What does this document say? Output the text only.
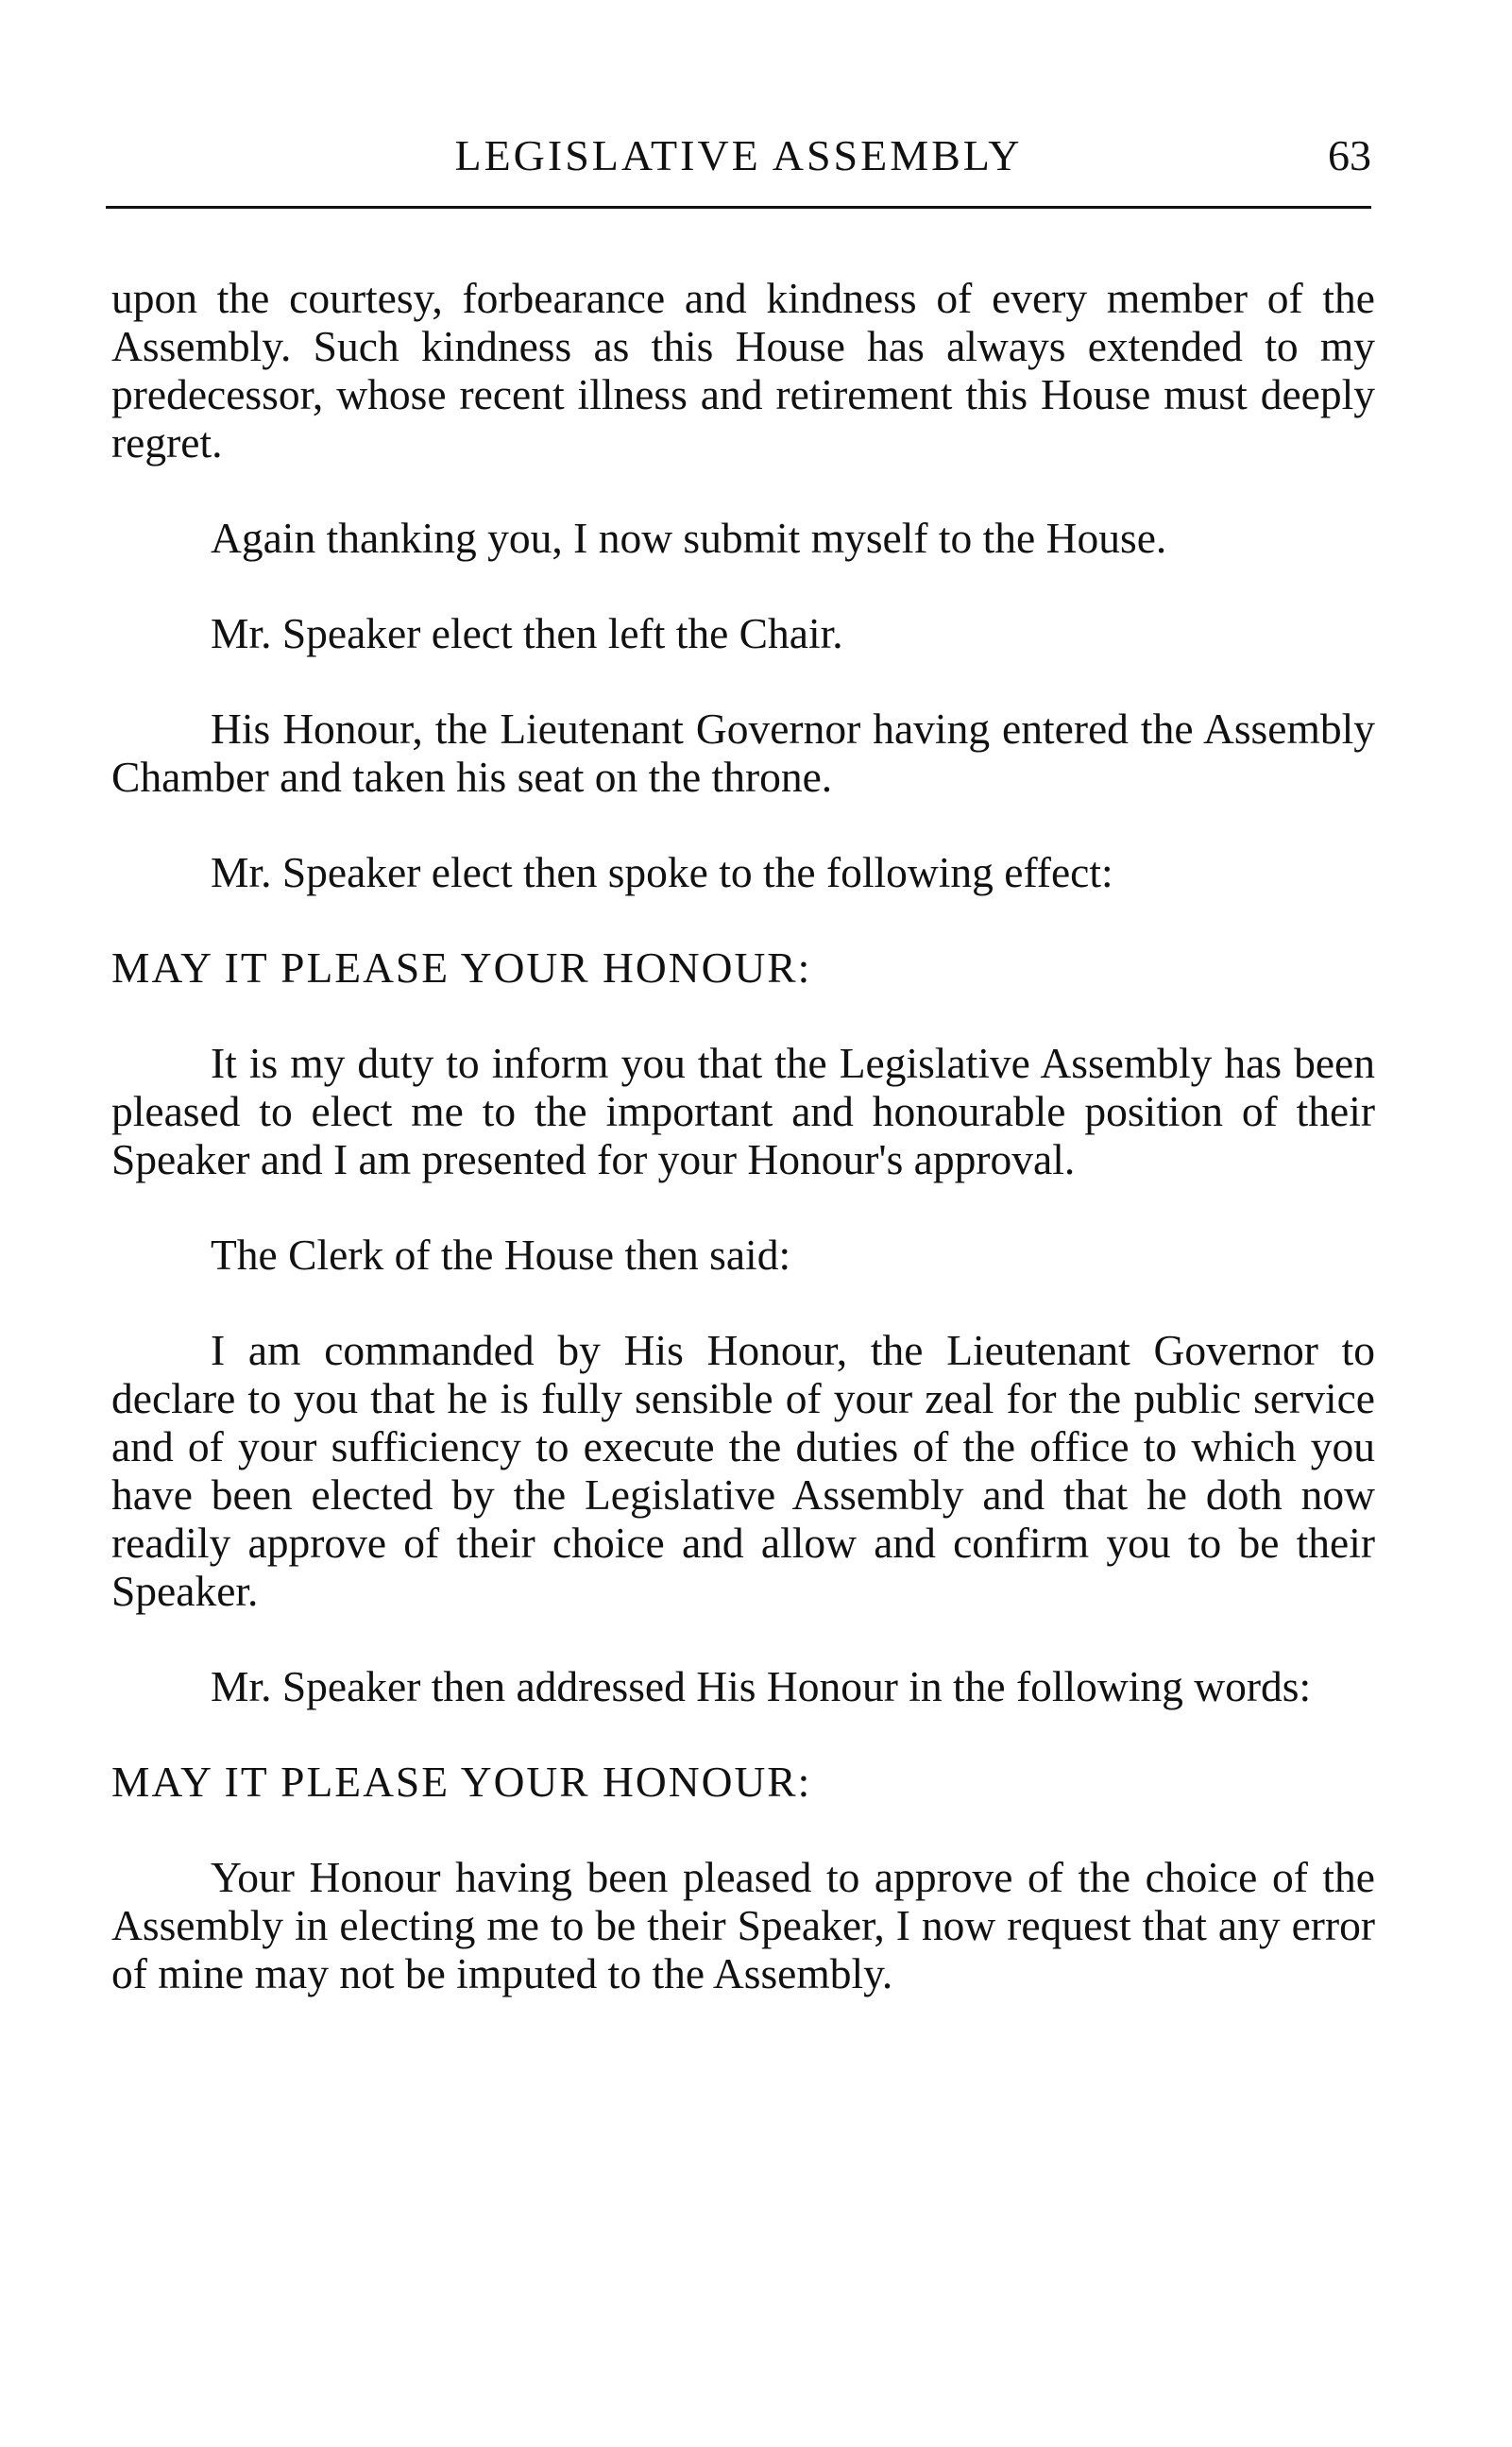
LEGISLATIVE ASSEMBLY	63

upon the courtesy, forbearance and kindness of every member of the Assembly. Such kindness as this House has always extended to my predecessor, whose recent illness and retirement this House must deeply regret.

Again thanking you, I now submit myself to the House.

Mr. Speaker elect then left the Chair.

His Honour, the Lieutenant Governor having entered the Assembly Chamber and taken his seat on the throne.

Mr. Speaker elect then spoke to the following effect:

MAY IT PLEASE YOUR HONOUR:

It is my duty to inform you that the Legislative Assembly has been pleased to elect me to the important and honourable position of their Speaker and I am presented for your Honour's approval.

The Clerk of the House then said:

I am commanded by His Honour, the Lieutenant Governor to declare to you that he is fully sensible of your zeal for the public service and of your sufficiency to execute the duties of the office to which you have been elected by the Legislative Assembly and that he doth now readily approve of their choice and allow and confirm you to be their Speaker.

Mr. Speaker then addressed His Honour in the following words:

MAY IT PLEASE YOUR HONOUR:

Your Honour having been pleased to approve of the choice of the Assembly in electing me to be their Speaker, I now request that any error of mine may not be imputed to the Assembly.
